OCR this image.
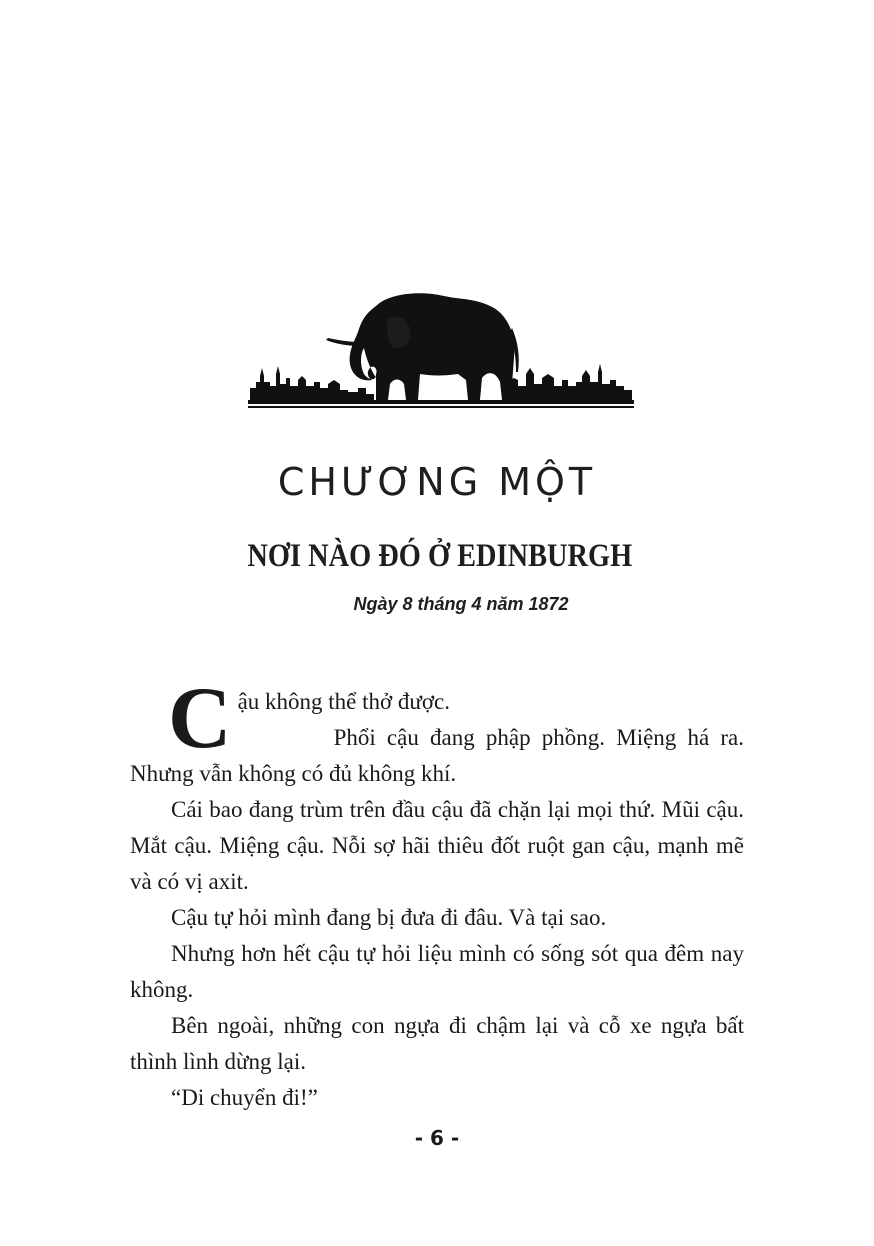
CHƯƠNG MỘT
NƠI NÀO ĐÓ Ở EDINBURGH
Ngày 8 tháng 4 năm 1872

C ậu không thể thở được.

Phổi cậu đang phập phồng. Miệng há ra. Nhưng vẫn không có đủ không khí.

Cái bao đang trùm trên đầu cậu đã chặn lại mọi thứ. Mũi cậu. Mắt cậu. Miệng cậu. Nỗi sợ hãi thiêu đốt ruột gan cậu, mạnh mẽ và có vị axit.

Cậu tự hỏi mình đang bị đưa đi đâu. Và tại sao.

Nhưng hơn hết cậu tự hỏi liệu mình có sống sót qua đêm nay không.

Bên ngoài, những con ngựa đi chậm lại và cỗ xe ngựa bất thình lình dừng lại.

“Di chuyển đi!”

- 6 -
